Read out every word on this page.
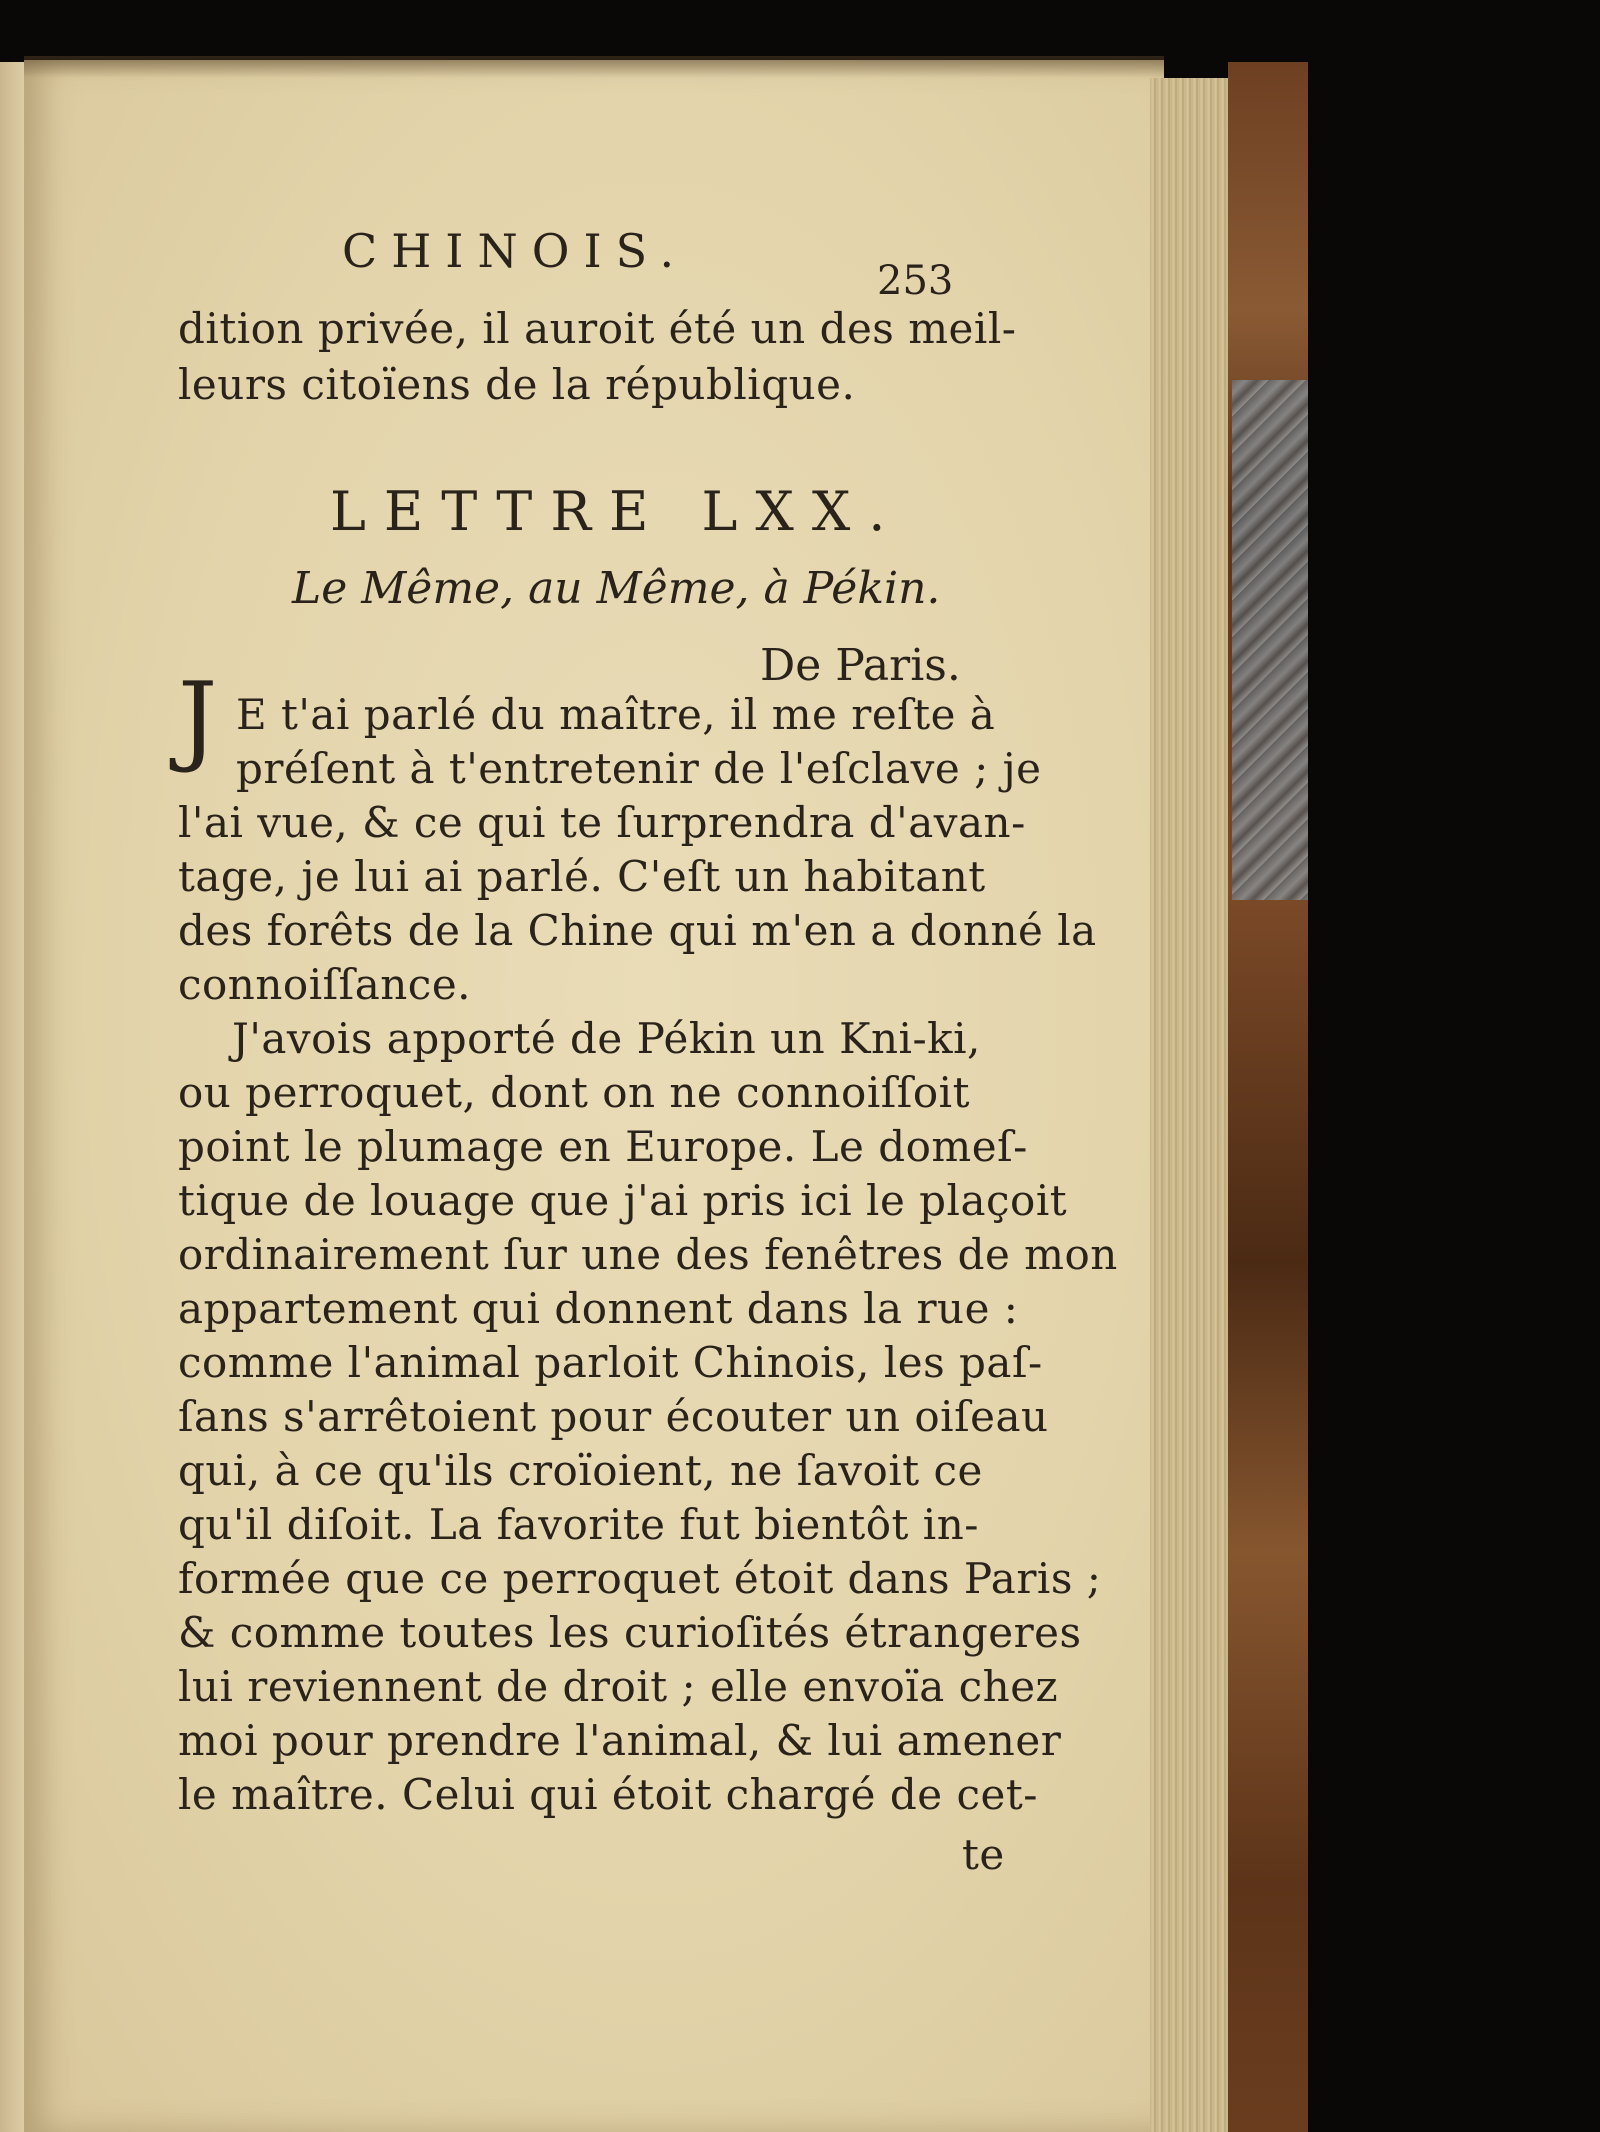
CHINOIS.
253
dition privée, il auroit été un des meil-
leurs citoïens de la république.
LETTRE LXX.
Le Même, au Même, à Pékin.
De Paris.
J E t'ai parlé du maître, il me reſte à
préſent à t'entretenir de l'eſclave ; je
l'ai vue, & ce qui te ſurprendra d'avan-
tage, je lui ai parlé. C'eſt un habitant
des forêts de la Chine qui m'en a donné la
connoiſſance.
J'avois apporté de Pékin un Kni-ki,
ou perroquet, dont on ne connoiſſoit
point le plumage en Europe. Le domeſ-
tique de louage que j'ai pris ici le plaçoit
ordinairement ſur une des fenêtres de mon
appartement qui donnent dans la rue :
comme l'animal parloit Chinois, les paſ-
ſans s'arrêtoient pour écouter un oiſeau
qui, à ce qu'ils croïoient, ne ſavoit ce
qu'il diſoit. La favorite fut bientôt in-
formée que ce perroquet étoit dans Paris ;
& comme toutes les curioſités étrangeres
lui reviennent de droit ; elle envoïa chez
moi pour prendre l'animal, & lui amener
le maître. Celui qui étoit chargé de cet-
te
